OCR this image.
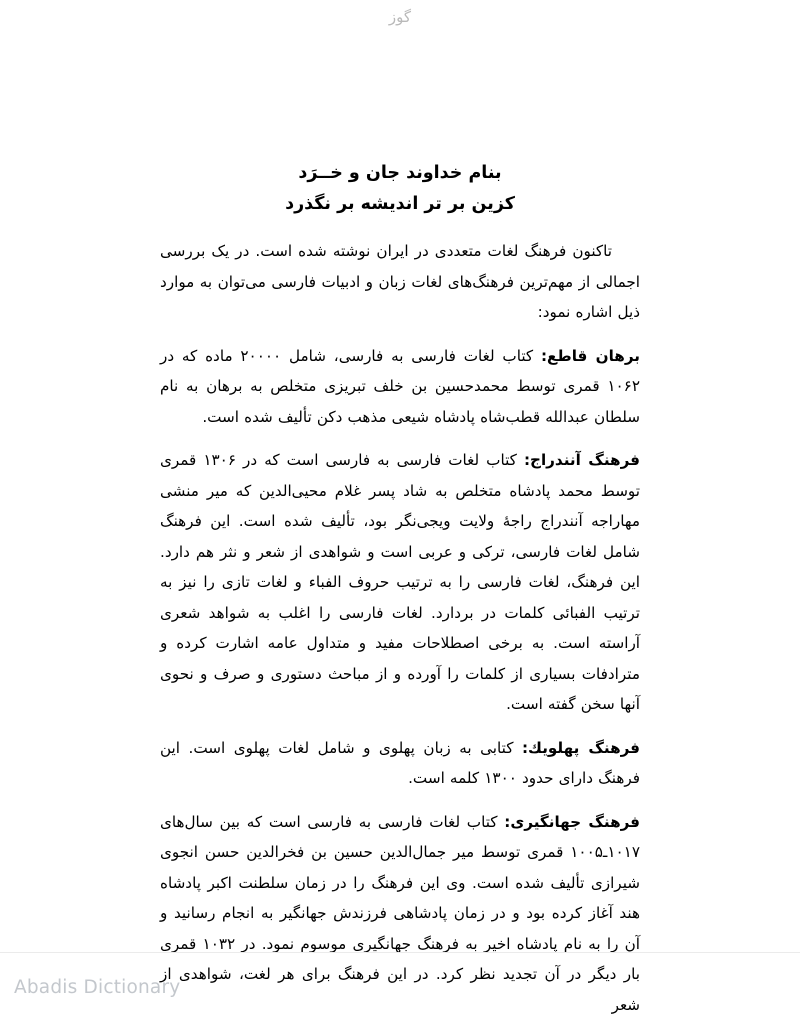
گوز
بنام خداوند جان و خــرَد
کزین بر تر اندیشه بر نگذرد

تاکنون فرهنگ لغات متعددی در ایران نوشته شده است. در یک بررسی اجمالی از مهم‌ترین فرهنگ‌های لغات زبان و ادبیات فارسی می‌توان به موارد ذیل اشاره نمود:

برهان قاطع: کتاب لغات فارسی به فارسی، شامل ۲۰۰۰۰ ماده که در ۱۰۶۲ قمری توسط محمدحسین بن خلف تبریزی متخلص به برهان به نام سلطان عبدالله قطب‌شاه پادشاه شیعی مذهب دکن تألیف شده است.

فرهنگ آنندراج: کتاب لغات فارسی به فارسی است که در ۱۳۰۶ قمری توسط محمد پادشاه متخلص به شاد پسر غلام محیی‌الدین که میر منشی مهاراجه آنندراج راجهٔ ولایت ویجی‌نگر بود، تألیف شده است. این فرهنگ شامل لغات فارسی، ترکی و عربی است و شواهدی از شعر و نثر هم دارد. این فرهنگ، لغات فارسی را به ترتیب حروف الفباء و لغات تازی را نیز به ترتیب الفبائی کلمات در بردارد. لغات فارسی را اغلب به شواهد شعری آراسته است. به برخی اصطلاحات مفید و متداول عامه اشارت کرده و مترادفات بسیاری از کلمات را آورده و از مباحث دستوری و صرف و نحوی آنها سخن گفته است.

فرهنگ پهلویك: کتابی به زبان پهلوی و شامل لغات پهلوی است. این فرهنگ دارای حدود ۱۳۰۰ کلمه است.

فرهنگ جهانگیری: کتاب لغات فارسی به فارسی است که بین سال‌های ۱۰۱۷ـ۱۰۰۵ قمری توسط میر جمال‌الدین حسین بن فخرالدین حسن انجوی شیرازی تألیف شده است. وی این فرهنگ را در زمان سلطنت اکبر پادشاه هند آغاز کرده بود و در زمان پادشاهی فرزندش جهانگیر به انجام رسانید و آن را به نام پادشاه اخیر به فرهنگ جهانگیری موسوم نمود. در ۱۰۳۲ قمری بار دیگر در آن تجدید نظر کرد. در این فرهنگ برای هر لغت، شواهدی از شعر

Abadis Dictionary
